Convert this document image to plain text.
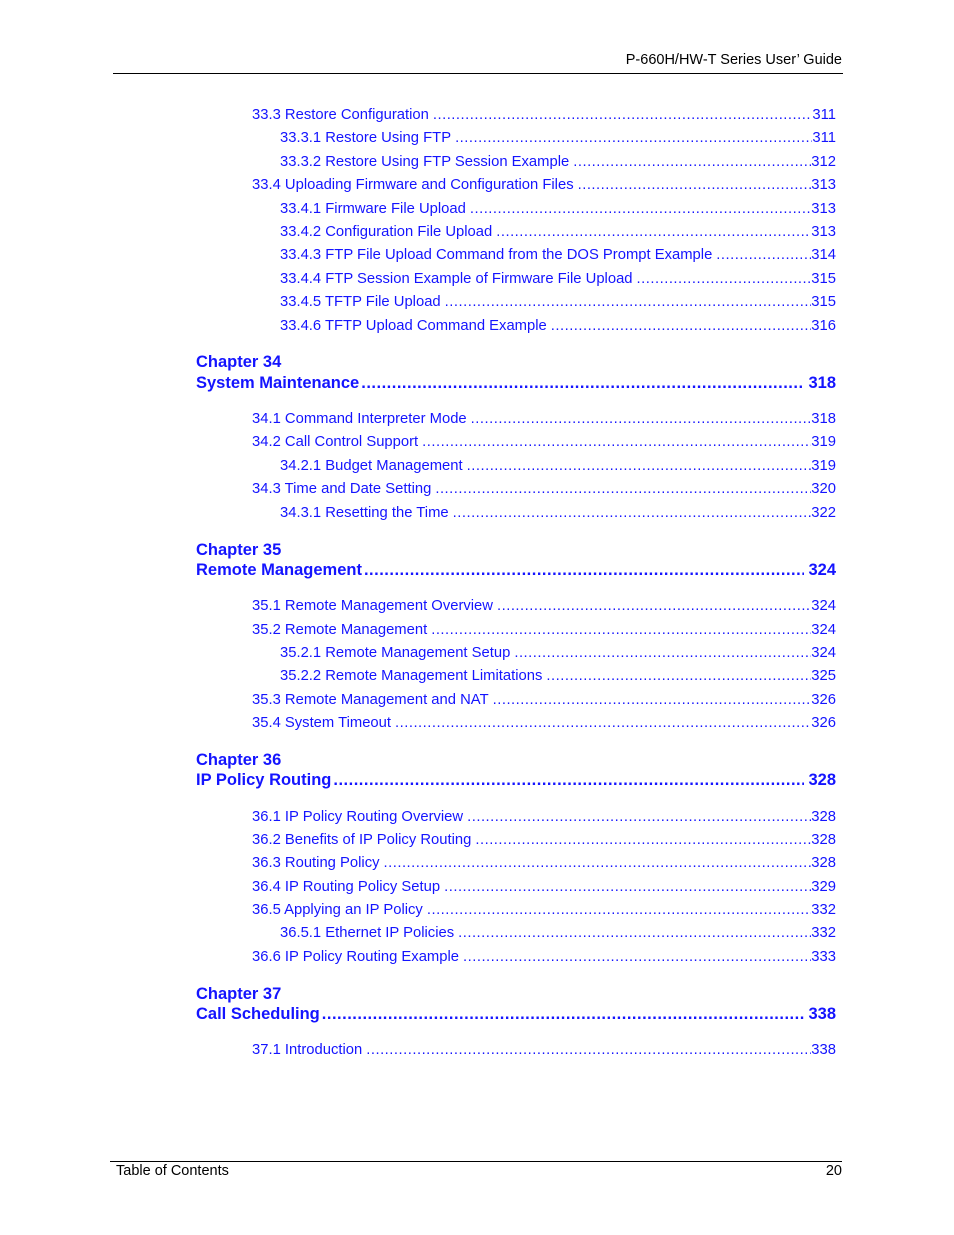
P-660H/HW-T Series User’ Guide
33.3 Restore Configuration .....	311
33.3.1 Restore Using FTP .....	311
33.3.2 Restore Using FTP Session Example .....	312
33.4 Uploading Firmware and Configuration Files .....	313
33.4.1 Firmware File Upload .....	313
33.4.2 Configuration File Upload .....	313
33.4.3 FTP File Upload Command from the DOS Prompt Example .....	314
33.4.4 FTP Session Example of Firmware File Upload .....	315
33.4.5 TFTP File Upload .....	315
33.4.6 TFTP Upload Command Example .....	316
Chapter 34
System Maintenance .....	318
34.1 Command Interpreter Mode .....	318
34.2 Call Control Support .....	319
34.2.1 Budget Management .....	319
34.3 Time and Date Setting .....	320
34.3.1 Resetting the Time .....	322
Chapter 35
Remote Management .....	324
35.1 Remote Management Overview .....	324
35.2 Remote Management .....	324
35.2.1 Remote Management Setup .....	324
35.2.2 Remote Management Limitations .....	325
35.3 Remote Management and NAT .....	326
35.4 System Timeout .....	326
Chapter 36
IP Policy Routing .....	328
36.1 IP Policy Routing Overview .....	328
36.2 Benefits of IP Policy Routing .....	328
36.3 Routing Policy .....	328
36.4 IP Routing Policy Setup .....	329
36.5 Applying an IP Policy .....	332
36.5.1 Ethernet IP Policies .....	332
36.6 IP Policy Routing Example .....	333
Chapter 37
Call Scheduling .....	338
37.1 Introduction .....	338
Table of Contents	20
